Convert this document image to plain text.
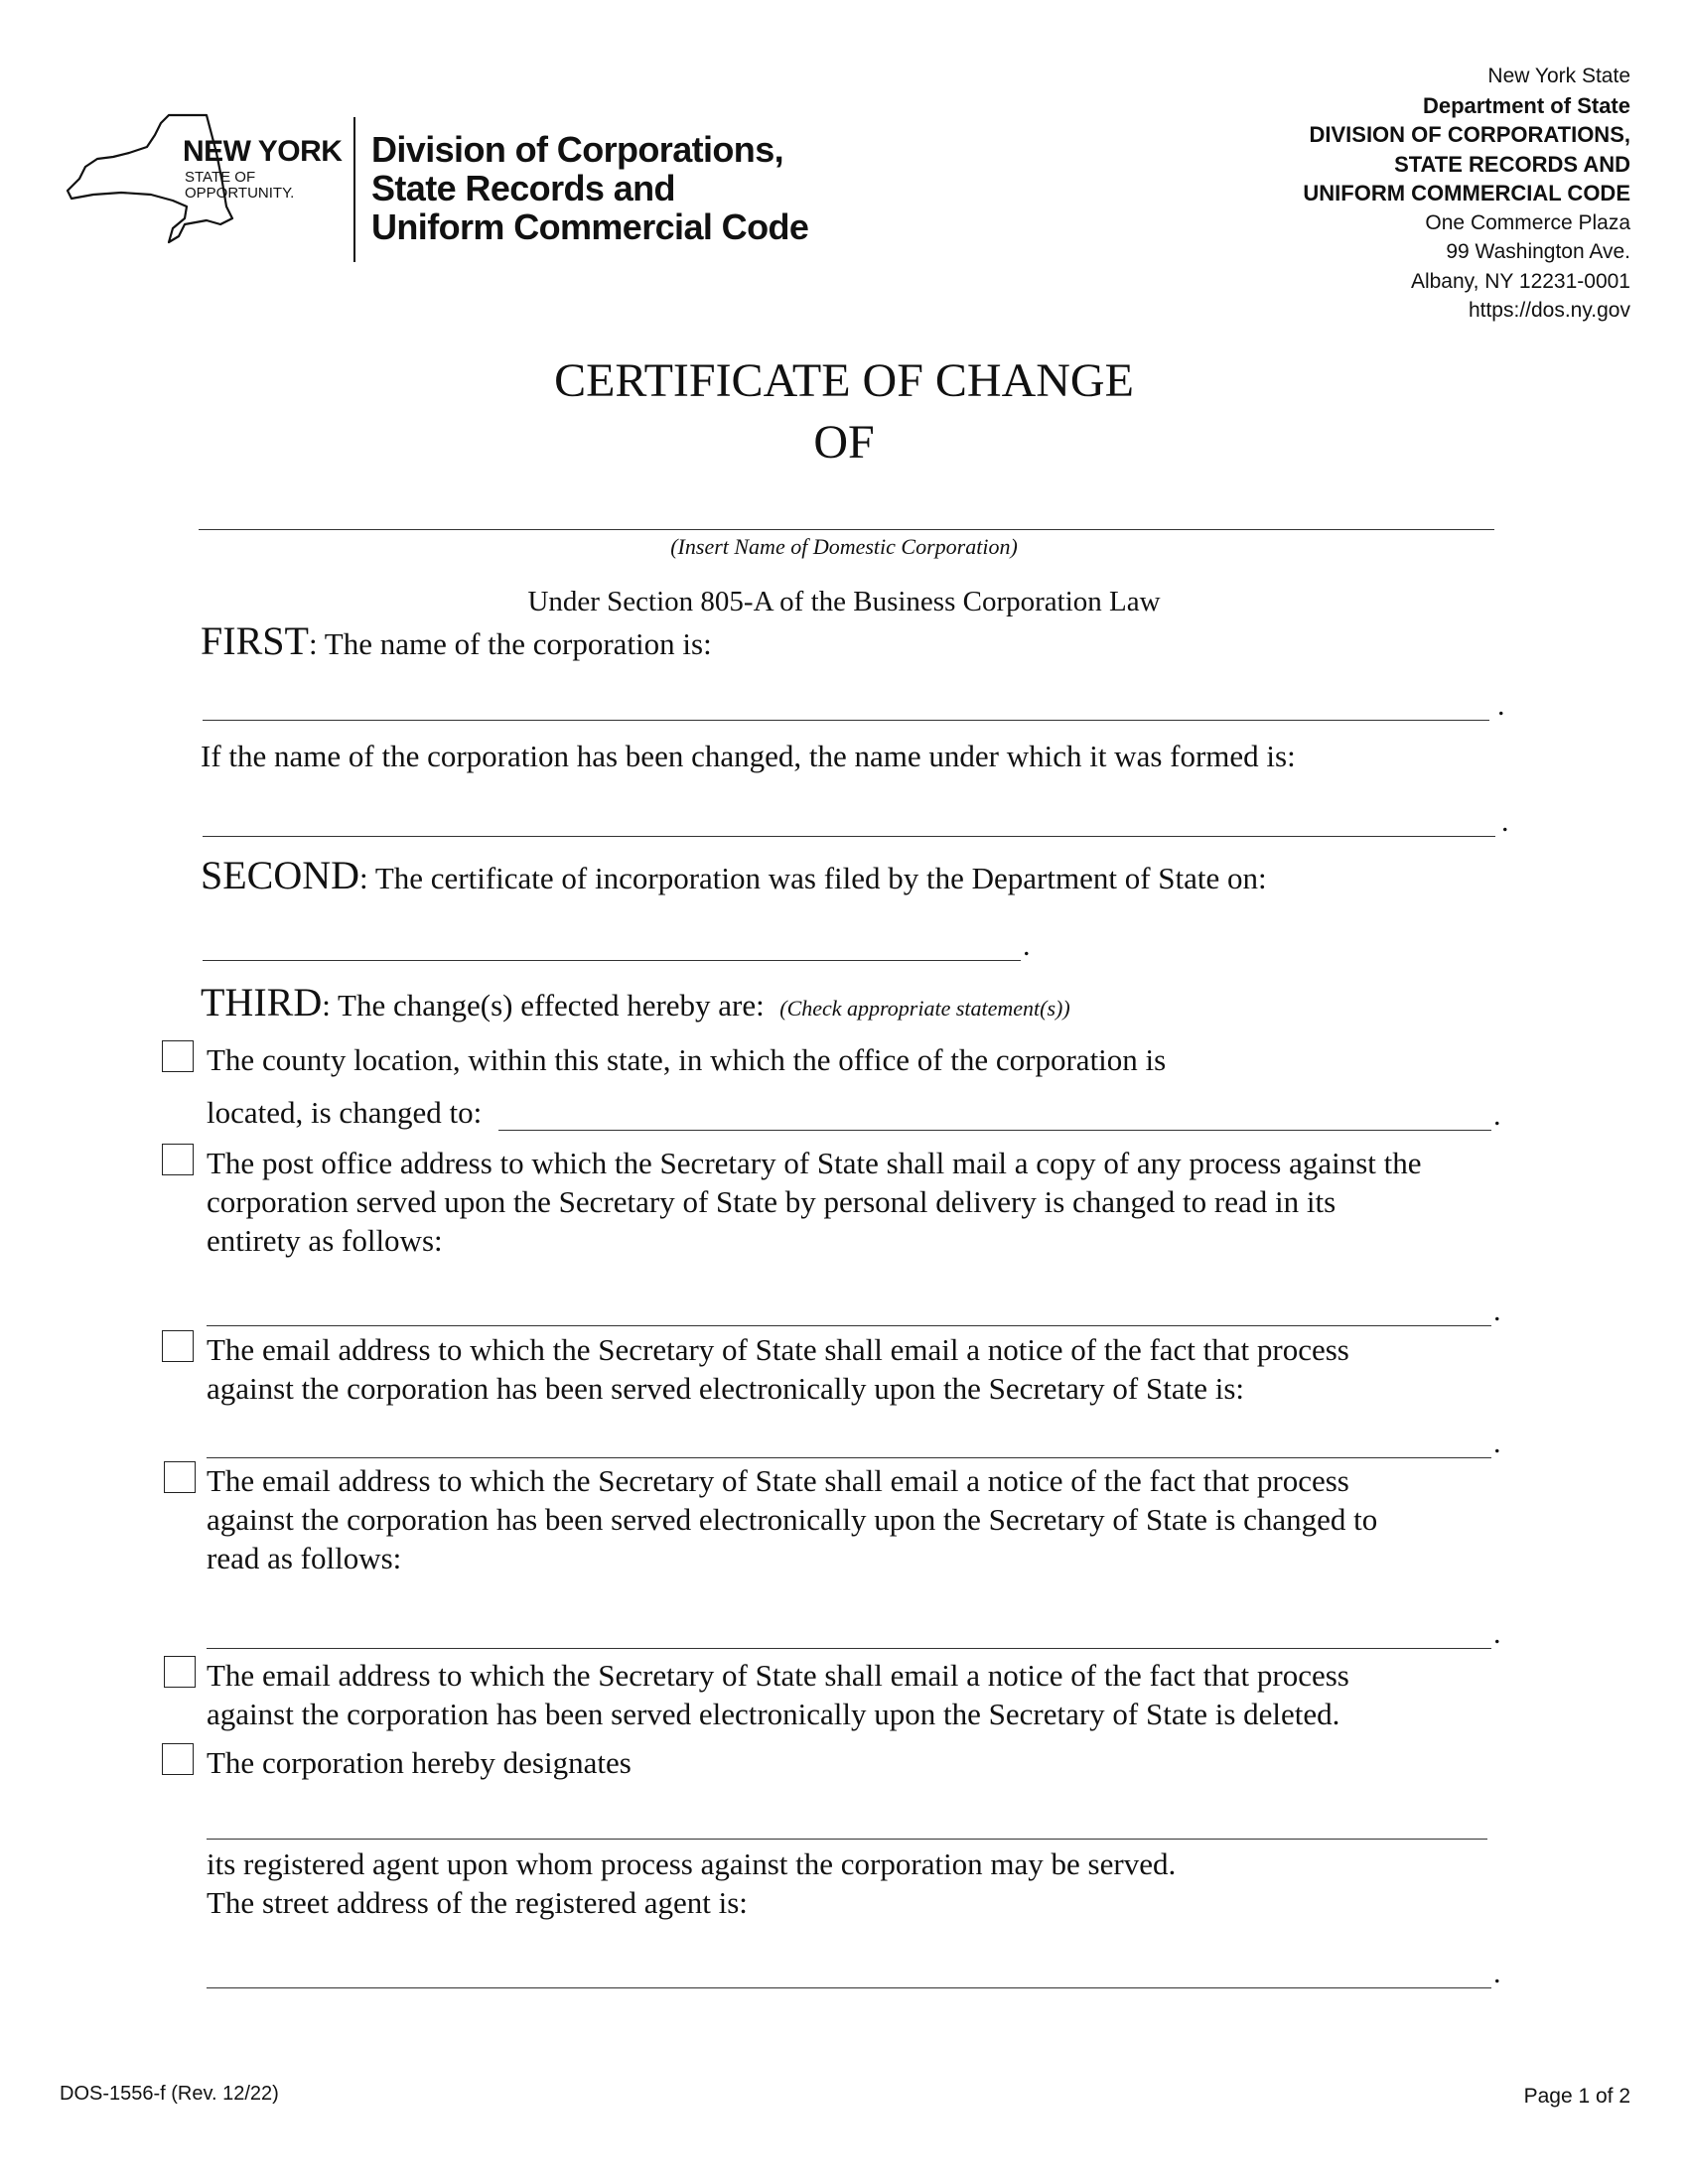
NEW YORK
STATE OF
OPPORTUNITY.
Division of Corporations,
State Records and
Uniform Commercial Code
New York State
Department of State
DIVISION OF CORPORATIONS,
STATE RECORDS AND
UNIFORM COMMERCIAL CODE
One Commerce Plaza
99 Washington Ave.
Albany, NY 12231-0001
https://dos.ny.gov
CERTIFICATE OF CHANGE
OF
(Insert Name of Domestic Corporation)
Under Section 805-A of the Business Corporation Law
FIRST: The name of the corporation is:
.
If the name of the corporation has been changed, the name under which it was formed is:
.
SECOND: The certificate of incorporation was filed by the Department of State on:
.
THIRD: The change(s) effected hereby are: (Check appropriate statement(s))
The county location, within this state, in which the office of the corporation is
located, is changed to:	.
The post office address to which the Secretary of State shall mail a copy of any process against the
corporation served upon the Secretary of State by personal delivery is changed to read in its
entirety as follows:
.
The email address to which the Secretary of State shall email a notice of the fact that process
against the corporation has been served electronically upon the Secretary of State is:
.
The email address to which the Secretary of State shall email a notice of the fact that process
against the corporation has been served electronically upon the Secretary of State is changed to
read as follows:
.
The email address to which the Secretary of State shall email a notice of the fact that process
against the corporation has been served electronically upon the Secretary of State is deleted.
The corporation hereby designates
its registered agent upon whom process against the corporation may be served.
The street address of the registered agent is:
.
DOS-1556-f (Rev. 12/22)	Page 1 of 2
